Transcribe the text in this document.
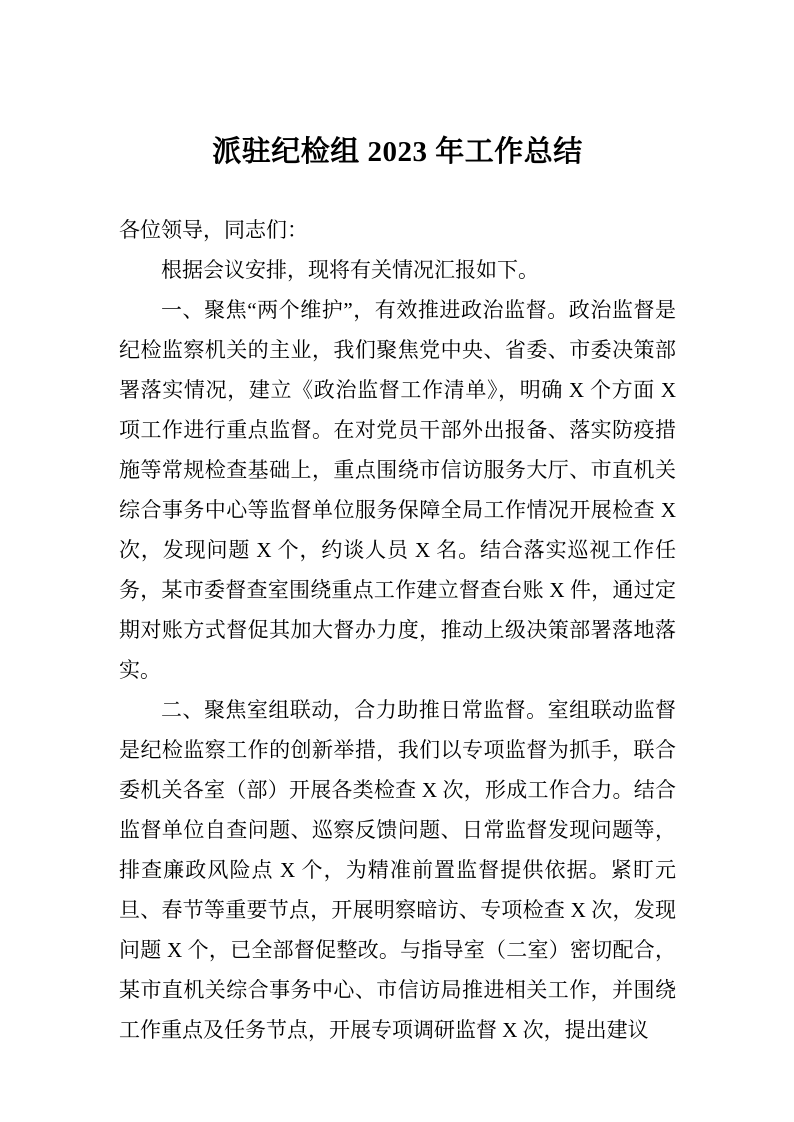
派驻纪检组 2023 年工作总结

各位领导，同志们：

根据会议安排，现将有关情况汇报如下。

一、聚焦“两个维护”，有效推进政治监督。政治监督是纪检监察机关的主业，我们聚焦党中央、省委、市委决策部署落实情况，建立《政治监督工作清单》，明确 X 个方面 X 项工作进行重点监督。在对党员干部外出报备、落实防疫措施等常规检查基础上，重点围绕市信访服务大厅、市直机关综合事务中心等监督单位服务保障全局工作情况开展检查 X 次，发现问题 X 个，约谈人员 X 名。结合落实巡视工作任务，某市委督查室围绕重点工作建立督查台账 X 件，通过定期对账方式督促其加大督办力度，推动上级决策部署落地落实。

二、聚焦室组联动，合力助推日常监督。室组联动监督是纪检监察工作的创新举措，我们以专项监督为抓手，联合委机关各室（部）开展各类检查 X 次，形成工作合力。结合监督单位自查问题、巡察反馈问题、日常监督发现问题等， 排查廉政风险点 X 个，为精准前置监督提供依据。紧盯元旦、春节等重要节点，开展明察暗访、专项检查 X 次，发现问题 X 个，已全部督促整改。与指导室（二室）密切配合，某市直机关综合事务中心、市信访局推进相关工作，并围绕工作重点及任务节点，开展专项调研监督 X 次，提出建议
